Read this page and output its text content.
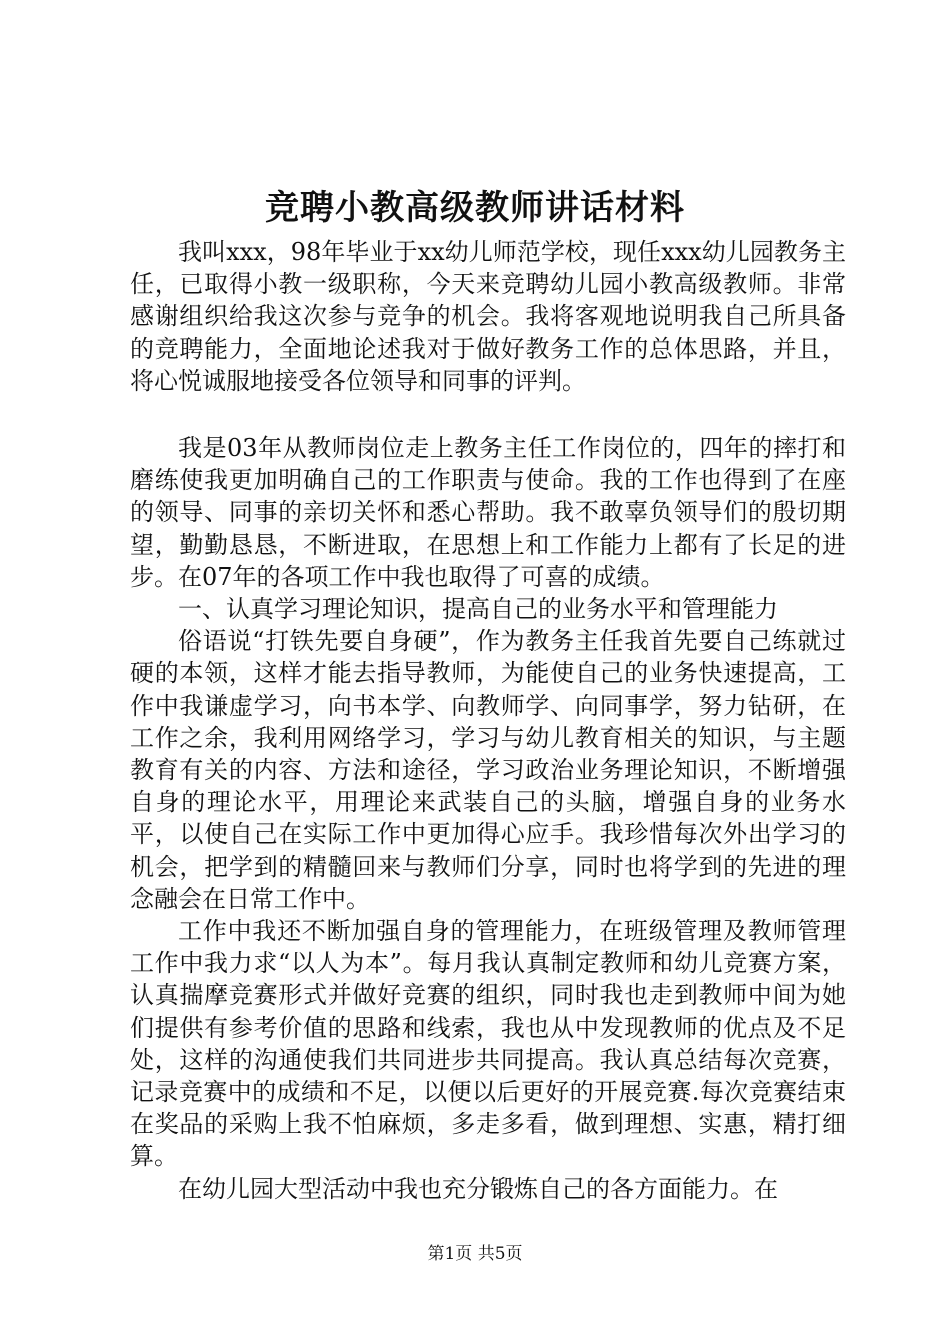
竞聘小教高级教师讲话材料

我叫xxx，98年毕业于xx幼儿师范学校，现任xxx幼儿园教务主任，已取得小教一级职称，今天来竞聘幼儿园小教高级教师。非常感谢组织给我这次参与竞争的机会。我将客观地说明我自己所具备的竞聘能力，全面地论述我对于做好教务工作的总体思路，并且，将心悦诚服地接受各位领导和同事的评判。

我是03年从教师岗位走上教务主任工作岗位的，四年的摔打和磨练使我更加明确自己的工作职责与使命。我的工作也得到了在座的领导、同事的亲切关怀和悉心帮助。我不敢辜负领导们的殷切期望，勤勤恳恳，不断进取，在思想上和工作能力上都有了长足的进步。在07年的各项工作中我也取得了可喜的成绩。

一、认真学习理论知识，提高自己的业务水平和管理能力

俗语说“打铁先要自身硬”，作为教务主任我首先要自己练就过硬的本领，这样才能去指导教师，为能使自己的业务快速提高，工作中我谦虚学习，向书本学、向教师学、向同事学，努力钻研，在工作之余，我利用网络学习，学习与幼儿教育相关的知识，与主题教育有关的内容、方法和途径，学习政治业务理论知识，不断增强自身的理论水平，用理论来武装自己的头脑，增强自身的业务水平，以使自己在实际工作中更加得心应手。我珍惜每次外出学习的机会，把学到的精髓回来与教师们分享，同时也将学到的先进的理念融会在日常工作中。

工作中我还不断加强自身的管理能力，在班级管理及教师管理工作中我力求“以人为本”。每月我认真制定教师和幼儿竞赛方案，认真揣摩竞赛形式并做好竞赛的组织，同时我也走到教师中间为她们提供有参考价值的思路和线索，我也从中发现教师的优点及不足处，这样的沟通使我们共同进步共同提高。我认真总结每次竞赛，记录竞赛中的成绩和不足，以便以后更好的开展竞赛.每次竞赛结束在奖品的采购上我不怕麻烦，多走多看，做到理想、实惠，精打细算。

在幼儿园大型活动中我也充分锻炼自己的各方面能力。在

第1页 共5页
